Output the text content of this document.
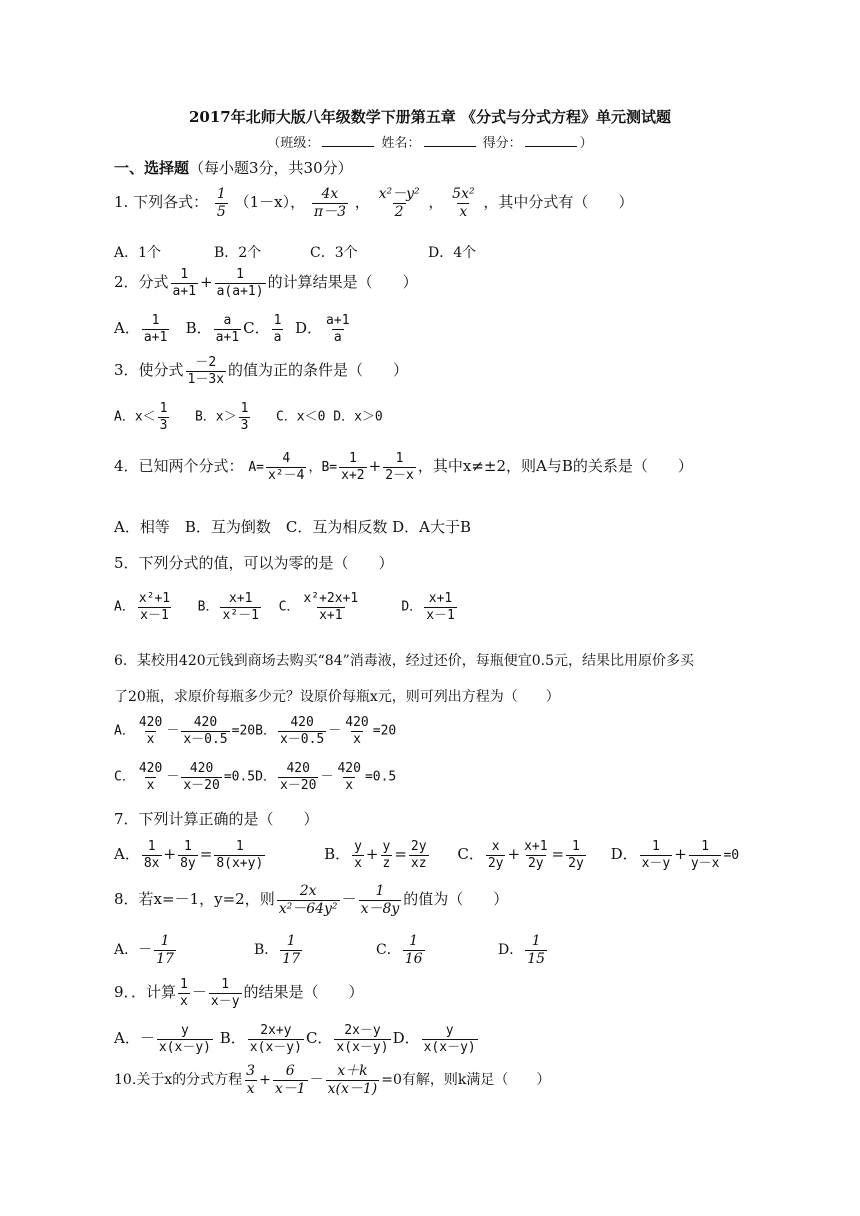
2017年北师大版八年级数学下册第五章 《分式与分式方程》单元测试题
（班级：	姓名：	得分：	）
一、选择题（每小题3分，共30分）
1. 下列各式： $\frac{1}{5} (1-x)$， $\frac{4x}{\pi-3}$ ， $\frac{\text{x²－y²}}{2}$ ， $\frac{\text{5x²}}{x}$ ，其中分式有（　　）
A．1个	B．2个	C．3个	D．4个
2．分式 $\frac{1}{a+1} + \frac{1}{a(a+1)}$ 的计算结果是（　　）
A． $\frac{1}{a+1}$ B． $\frac{a}{a+1}$ C． $\frac{1}{a}$ D． $\frac{a+1}{a}$
3．使分式 $\frac{-2}{1-3x}$ 的值为正的条件是（　　）
A．$x< \frac{1}{3}$ B．$x> \frac{1}{3}$ C．x＜0 D．x＞0
4．已知两个分式： $A= \frac{4}{\text{x²－4}}$ ，$B= \frac{1}{x+2} + \frac{1}{2-x}$ ，其中x≠±2，则A与B的关系是（　　）
A．相等　B．互为倒数　C．互为相反数 D．A大于B
5．下列分式的值，可以为零的是（　　）
A． $\frac{\text{x²+1}}{x-1}$ B． $\frac{x+1}{\text{x²－1}}$ C． $\frac{\text{x²+2x+1}}{x+1}$	D． $\frac{x+1}{x-1}$
6．某校用420元钱到商场去购买“84”消毒液，经过还价，每瓶便宜0.5元，结果比用原价多买
了20瓶，求原价每瓶多少元？设原价每瓶x元，则可列出方程为（　　）
A． $\frac{420}{x} - \frac{420}{x-0.5} =20B$． $\frac{420}{x-0.5} - \frac{420}{x} =20$
C． $\frac{420}{x} - \frac{420}{x-20} =0.5D$． $\frac{420}{x-20} - \frac{420}{x} =0.5$
7．下列计算正确的是（　　）
A． $\frac{1}{8x} + \frac{1}{8y} = \frac{1}{8(x+y)}$	B． $\frac{y}{x} + \frac{y}{z} = \frac{2y}{xz}$ C． $\frac{x}{2y} + \frac{x+1}{2y} = \frac{1}{2y}$ D． $\frac{1}{x-y} + \frac{1}{y-x} =0$
8．若x=－1，y=2，则 $\frac{2x}{\text{x²－64y²}} - \frac{1}{x-8y}$ 的值为（　　）
A．－ $\frac{1}{17}$	B． $\frac{1}{17}$	C． $\frac{1}{16}$	D． $\frac{1}{15}$
9．．计算 $\frac{1}{x} - \frac{1}{x-y}$ 的结果是（　　）
A．－ $\frac{y}{x(x-y)}$ B． $\frac{2x+y}{x(x-y)}$ C． $\frac{2x-y}{x(x-y)}$ D． $\frac{y}{x(x-y)}$
10.关于x的分式方程 $\frac{3}{x} + \frac{6}{x-1} - \frac{x+k}{x(x-1)} =0$有解，则k满足（　　）
